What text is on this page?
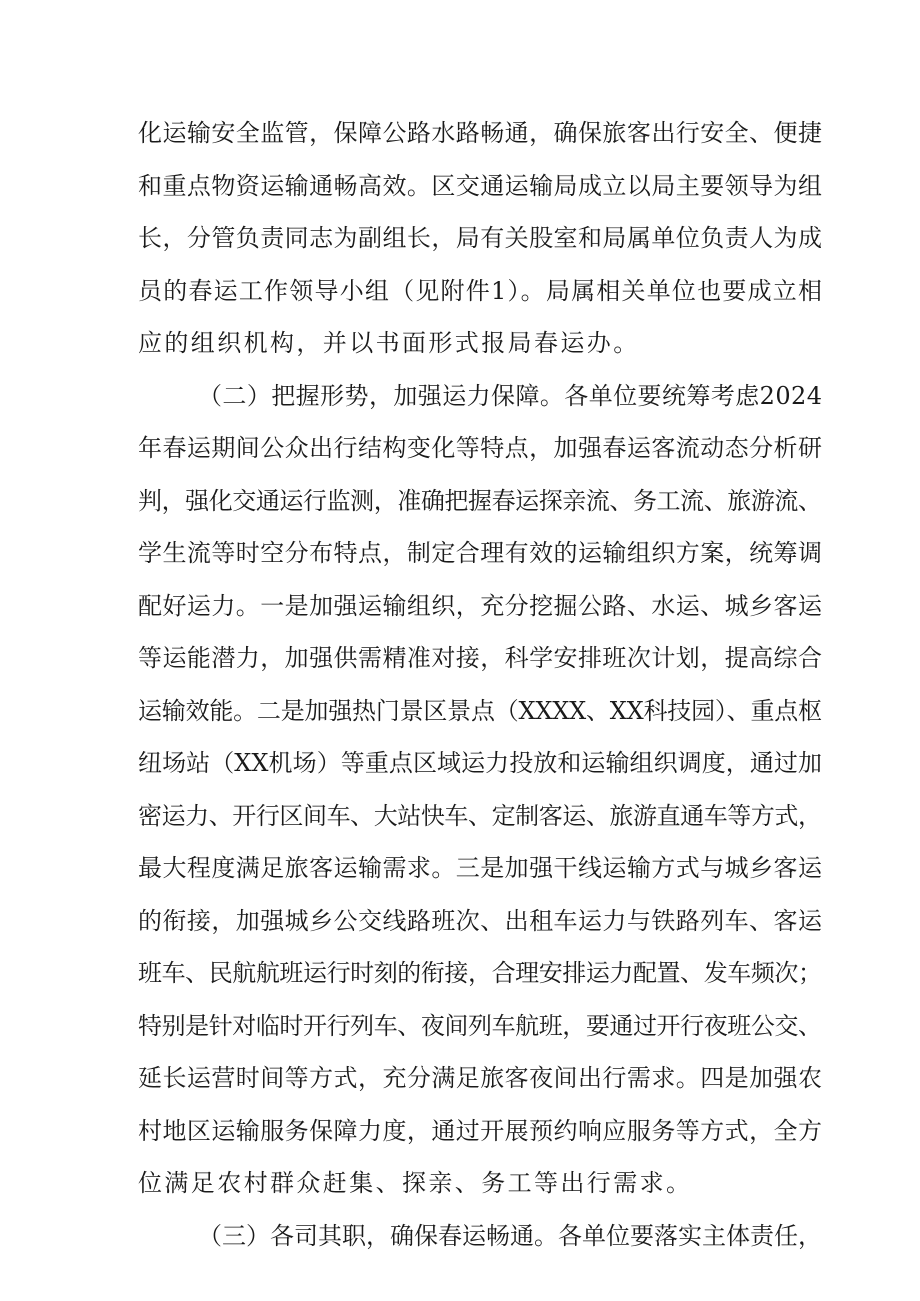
化运输安全监管，保障公路水路畅通，确保旅客出行安全、便捷
和重点物资运输通畅高效。区交通运输局成立以局主要领导为组
长，分管负责同志为副组长，局有关股室和局属单位负责人为成
员的春运工作领导小组（见附件1）。局属相关单位也要成立相
应的组织机构，并以书面形式报局春运办。
（二）把握形势，加强运力保障。各单位要统筹考虑2024
年春运期间公众出行结构变化等特点，加强春运客流动态分析研
判，强化交通运行监测，准确把握春运探亲流、务工流、旅游流、
学生流等时空分布特点，制定合理有效的运输组织方案，统筹调
配好运力。一是加强运输组织，充分挖掘公路、水运、城乡客运
等运能潜力，加强供需精准对接，科学安排班次计划，提高综合
运输效能。二是加强热门景区景点（XXXX、XX科技园）、重点枢
纽场站（XX机场）等重点区域运力投放和运输组织调度，通过加
密运力、开行区间车、大站快车、定制客运、旅游直通车等方式，
最大程度满足旅客运输需求。三是加强干线运输方式与城乡客运
的衔接，加强城乡公交线路班次、出租车运力与铁路列车、客运
班车、民航航班运行时刻的衔接，合理安排运力配置、发车频次；
特别是针对临时开行列车、夜间列车航班，要通过开行夜班公交、
延长运营时间等方式，充分满足旅客夜间出行需求。四是加强农
村地区运输服务保障力度，通过开展预约响应服务等方式，全方
位满足农村群众赶集、探亲、务工等出行需求。
（三）各司其职，确保春运畅通。各单位要落实主体责任，
